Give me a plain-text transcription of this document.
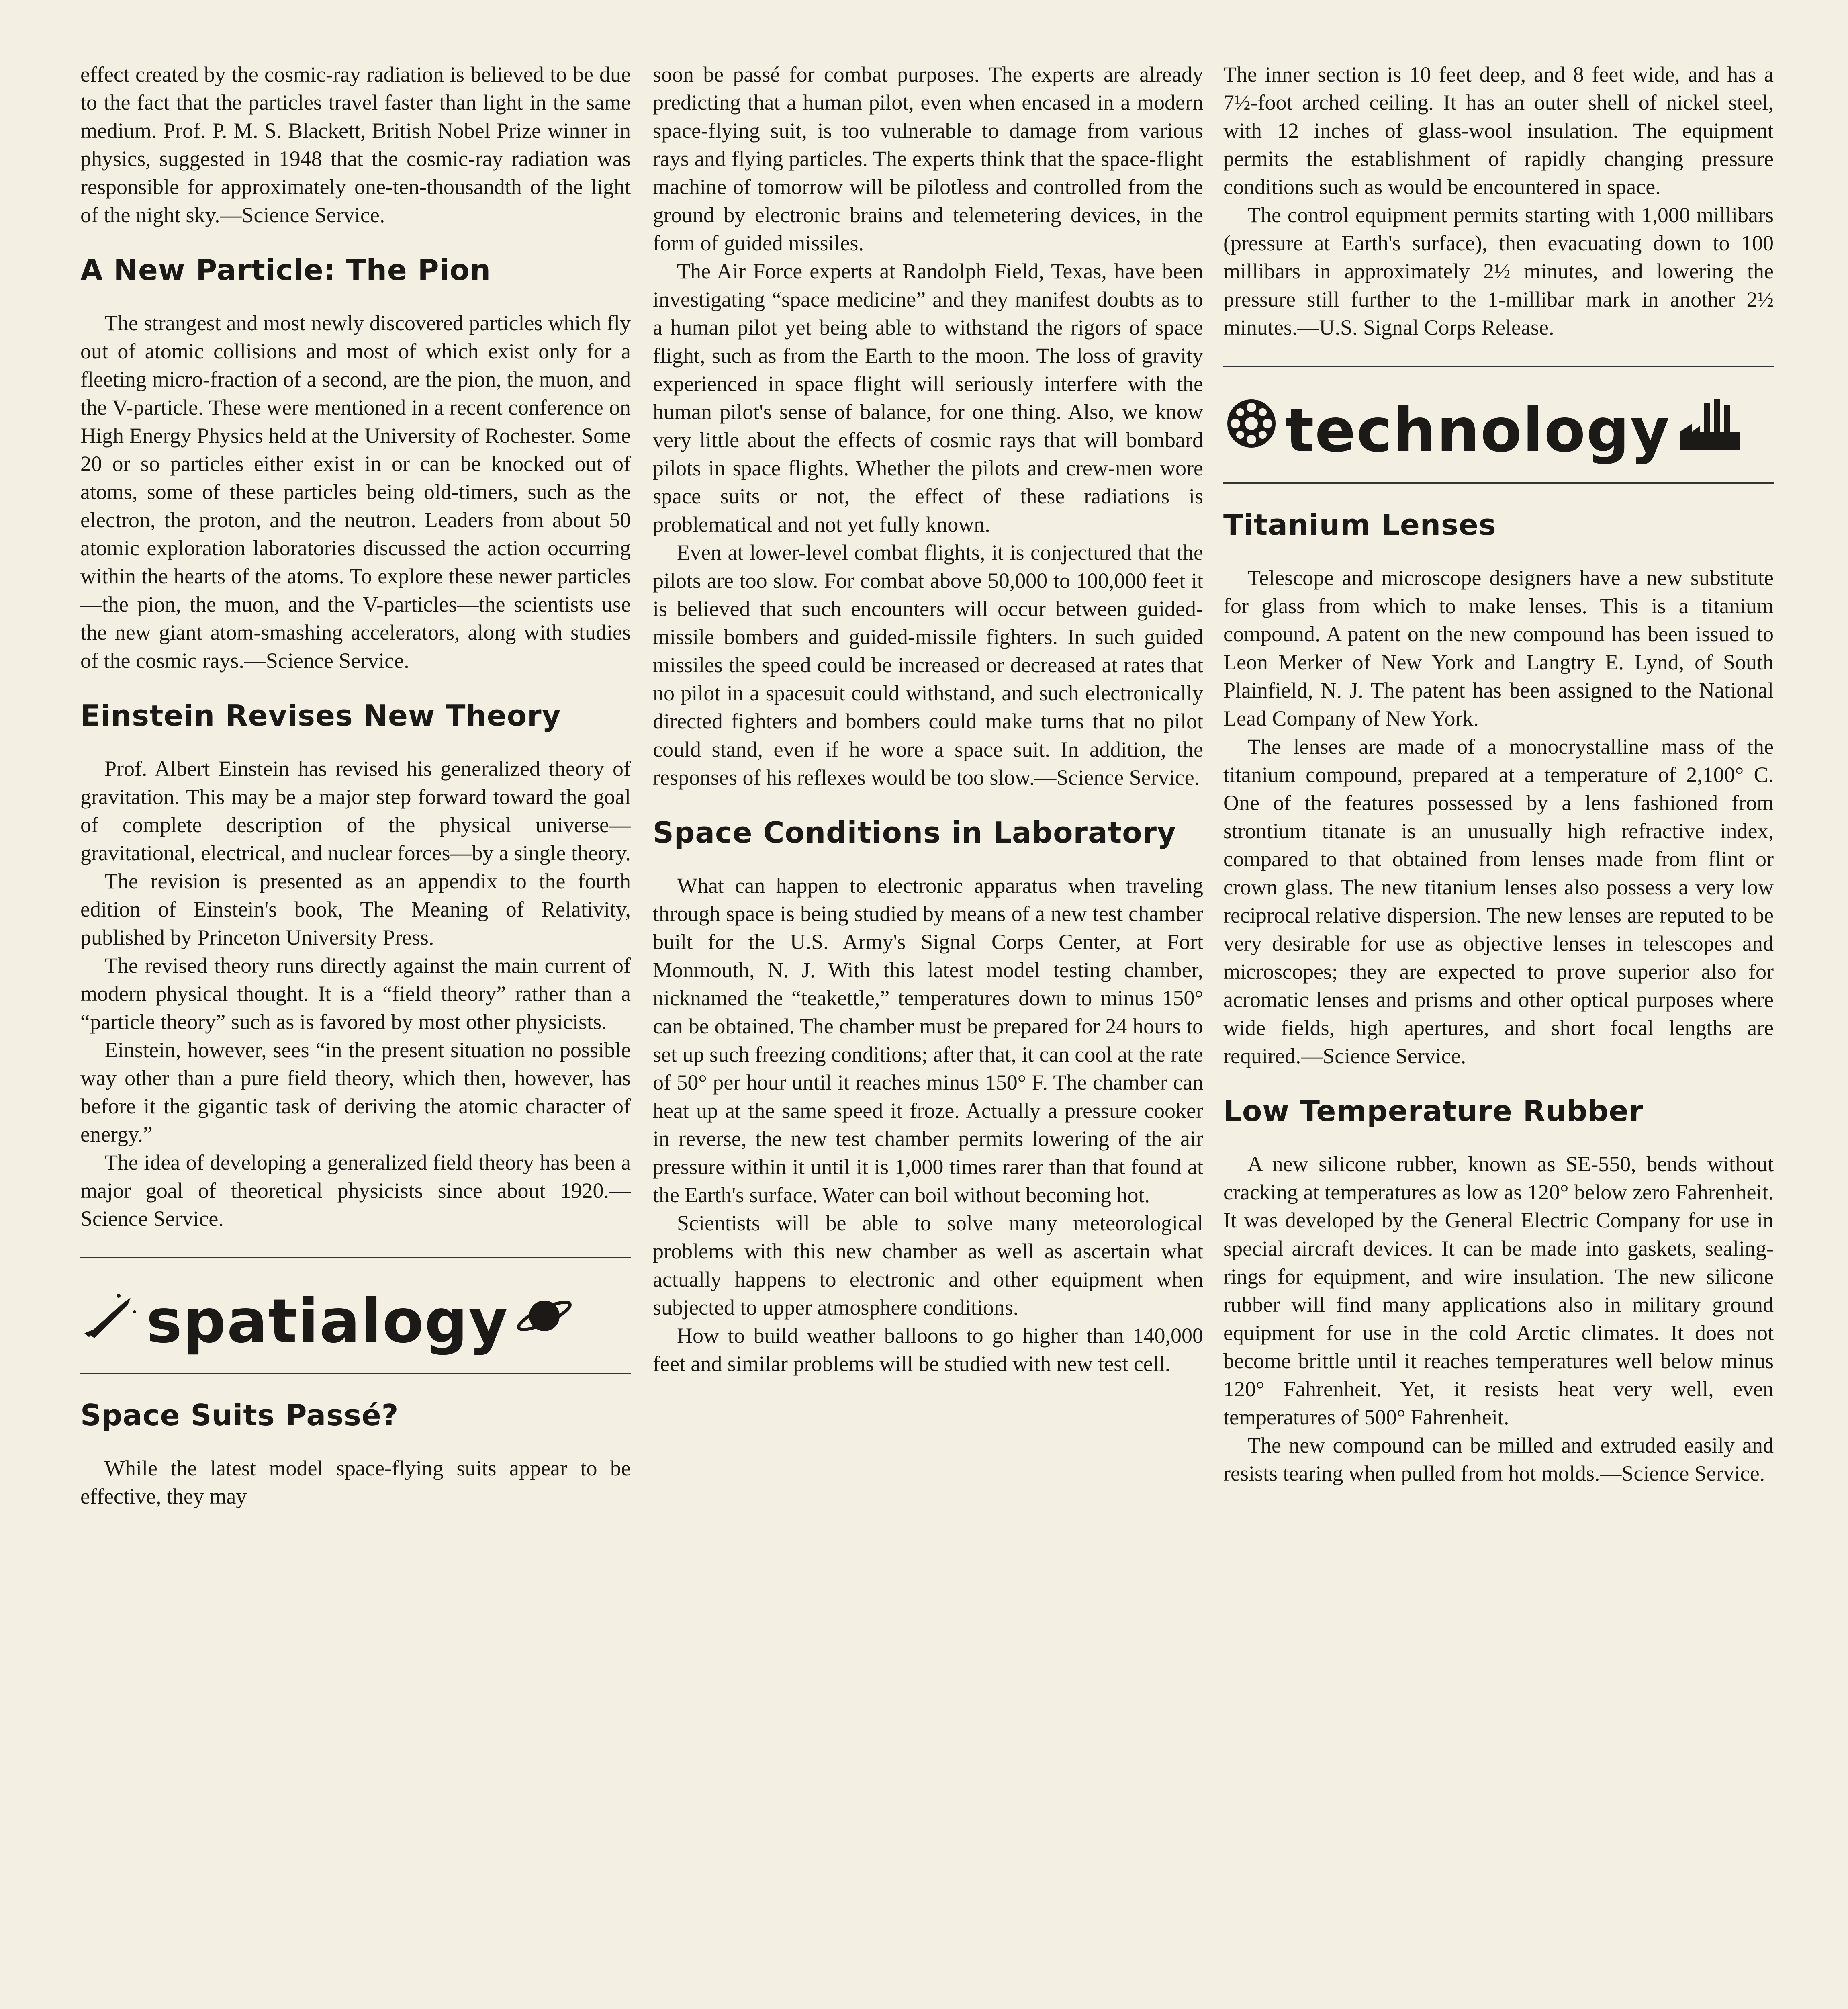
effect created by the cosmic-ray radiation is believed to be due to the fact that the particles travel faster than light in the same medium. Prof. P. M. S. Blackett, British Nobel Prize winner in physics, suggested in 1948 that the cosmic-ray radiation was responsible for approximately one-ten-thousandth of the light of the night sky.—Science Service.

A New Particle: The Pion

The strangest and most newly discovered particles which fly out of atomic collisions and most of which exist only for a fleeting micro-fraction of a second, are the pion, the muon, and the V-particle. These were mentioned in a recent conference on High Energy Physics held at the University of Rochester. Some 20 or so particles either exist in or can be knocked out of atoms, some of these particles being old-timers, such as the electron, the proton, and the neutron. Leaders from about 50 atomic exploration laboratories discussed the action occurring within the hearts of the atoms. To explore these newer particles—the pion, the muon, and the V-particles—the scientists use the new giant atom-smashing accelerators, along with studies of the cosmic rays.—Science Service.

Einstein Revises New Theory

Prof. Albert Einstein has revised his generalized theory of gravitation. This may be a major step forward toward the goal of complete description of the physical universe—gravitational, electrical, and nuclear forces—by a single theory.

The revision is presented as an appendix to the fourth edition of Einstein's book, The Meaning of Relativity, published by Princeton University Press.

The revised theory runs directly against the main current of modern physical thought. It is a “field theory” rather than a “particle theory” such as is favored by most other physicists.

Einstein, however, sees “in the present situation no possible way other than a pure field theory, which then, however, has before it the gigantic task of deriving the atomic character of energy.”

The idea of developing a generalized field theory has been a major goal of theoretical physicists since about 1920.—Science Service.

spatialogy
Space Suits Passé?

While the latest model space-flying suits appear to be effective, they may

soon be passé for combat purposes. The experts are already predicting that a human pilot, even when encased in a modern space-flying suit, is too vulnerable to damage from various rays and flying particles. The experts think that the space-flight machine of tomorrow will be pilotless and controlled from the ground by electronic brains and telemetering devices, in the form of guided missiles.

The Air Force experts at Randolph Field, Texas, have been investigating “space medicine” and they manifest doubts as to a human pilot yet being able to withstand the rigors of space flight, such as from the Earth to the moon. The loss of gravity experienced in space flight will seriously interfere with the human pilot's sense of balance, for one thing. Also, we know very little about the effects of cosmic rays that will bombard pilots in space flights. Whether the pilots and crew-men wore space suits or not, the effect of these radiations is problematical and not yet fully known.

Even at lower-level combat flights, it is conjectured that the pilots are too slow. For combat above 50,000 to 100,000 feet it is believed that such encounters will occur between guided-missile bombers and guided-missile fighters. In such guided missiles the speed could be increased or decreased at rates that no pilot in a spacesuit could withstand, and such electronically directed fighters and bombers could make turns that no pilot could stand, even if he wore a space suit. In addition, the responses of his reflexes would be too slow.—Science Service.

Space Conditions in Laboratory

What can happen to electronic apparatus when traveling through space is being studied by means of a new test chamber built for the U.S. Army's Signal Corps Center, at Fort Monmouth, N. J. With this latest model testing chamber, nicknamed the “teakettle,” temperatures down to minus 150° can be obtained. The chamber must be prepared for 24 hours to set up such freezing conditions; after that, it can cool at the rate of 50° per hour until it reaches minus 150° F. The chamber can heat up at the same speed it froze. Actually a pressure cooker in reverse, the new test chamber permits lowering of the air pressure within it until it is 1,000 times rarer than that found at the Earth's surface. Water can boil without becoming hot.

Scientists will be able to solve many meteorological problems with this new chamber as well as ascertain what actually happens to electronic and other equipment when subjected to upper atmosphere conditions.

How to build weather balloons to go higher than 140,000 feet and similar problems will be studied with new test cell.

The inner section is 10 feet deep, and 8 feet wide, and has a 7½-foot arched ceiling. It has an outer shell of nickel steel, with 12 inches of glass-wool insulation. The equipment permits the establishment of rapidly changing pressure conditions such as would be encountered in space.

The control equipment permits starting with 1,000 millibars (pressure at Earth's surface), then evacuating down to 100 millibars in approximately 2½ minutes, and lowering the pressure still further to the 1-millibar mark in another 2½ minutes.—U.S. Signal Corps Release.

technology
Titanium Lenses

Telescope and microscope designers have a new substitute for glass from which to make lenses. This is a titanium compound. A patent on the new compound has been issued to Leon Merker of New York and Langtry E. Lynd, of South Plainfield, N. J. The patent has been assigned to the National Lead Company of New York.

The lenses are made of a monocrystalline mass of the titanium compound, prepared at a temperature of 2,100° C. One of the features possessed by a lens fashioned from strontium titanate is an unusually high refractive index, compared to that obtained from lenses made from flint or crown glass. The new titanium lenses also possess a very low reciprocal relative dispersion. The new lenses are reputed to be very desirable for use as objective lenses in telescopes and microscopes; they are expected to prove superior also for acromatic lenses and prisms and other optical purposes where wide fields, high apertures, and short focal lengths are required.—Science Service.

Low Temperature Rubber

A new silicone rubber, known as SE-550, bends without cracking at temperatures as low as 120° below zero Fahrenheit. It was developed by the General Electric Company for use in special aircraft devices. It can be made into gaskets, sealing-rings for equipment, and wire insulation. The new silicone rubber will find many applications also in military ground equipment for use in the cold Arctic climates. It does not become brittle until it reaches temperatures well below minus 120° Fahrenheit. Yet, it resists heat very well, even temperatures of 500° Fahrenheit.

The new compound can be milled and extruded easily and resists tearing when pulled from hot molds.—Science Service.
